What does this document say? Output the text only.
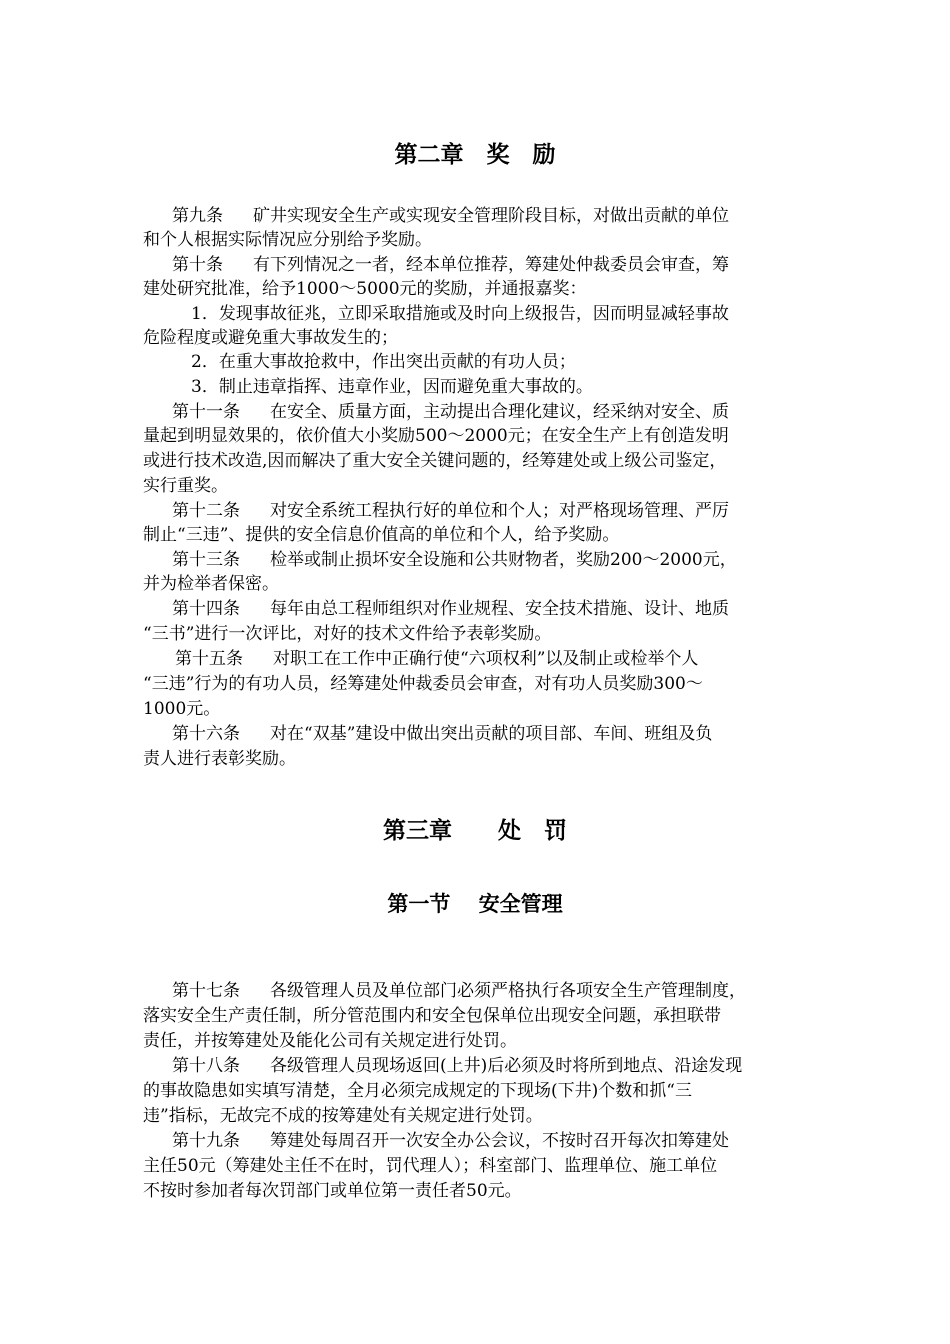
第二章　奖　励
第九条 矿井实现安全生产或实现安全管理阶段目标，对做出贡献的单位
和个人根据实际情况应分别给予奖励。
第十条 有下列情况之一者，经本单位推荐，筹建处仲裁委员会审查，筹
建处研究批准，给予1000～5000元的奖励，并通报嘉奖：
1．发现事故征兆，立即采取措施或及时向上级报告，因而明显减轻事故
危险程度或避免重大事故发生的；
2．在重大事故抢救中，作出突出贡献的有功人员；
3．制止违章指挥、违章作业，因而避免重大事故的。
第十一条 在安全、质量方面，主动提出合理化建议，经采纳对安全、质
量起到明显效果的，依价值大小奖励500～2000元；在安全生产上有创造发明
或进行技术改造,因而解决了重大安全关键问题的，经筹建处或上级公司鉴定，
实行重奖。
第十二条 对安全系统工程执行好的单位和个人；对严格现场管理、严厉
制止“三违”、提供的安全信息价值高的单位和个人，给予奖励。
第十三条 检举或制止损坏安全设施和公共财物者，奖励200～2000元，
并为检举者保密。
第十四条 每年由总工程师组织对作业规程、安全技术措施、设计、地质
“三书”进行一次评比，对好的技术文件给予表彰奖励。
第十五条 对职工在工作中正确行使“六项权利”以及制止或检举个人
“三违”行为的有功人员，经筹建处仲裁委员会审查，对有功人员奖励300～
1000元。
第十六条 对在“双基”建设中做出突出贡献的项目部、车间、班组及负
责人进行表彰奖励。
第三章　　处　罚
第一节　 安全管理
第十七条 各级管理人员及单位部门必须严格执行各项安全生产管理制度，
落实安全生产责任制，所分管范围内和安全包保单位出现安全问题，承担联带
责任，并按筹建处及能化公司有关规定进行处罚。
第十八条 各级管理人员现场返回(上井)后必须及时将所到地点、沿途发现
的事故隐患如实填写清楚，全月必须完成规定的下现场(下井)个数和抓“三
违”指标，无故完不成的按筹建处有关规定进行处罚。
第十九条 筹建处每周召开一次安全办公会议，不按时召开每次扣筹建处
主任50元（筹建处主任不在时，罚代理人）；科室部门、监理单位、施工单位
不按时参加者每次罚部门或单位第一责任者50元。
